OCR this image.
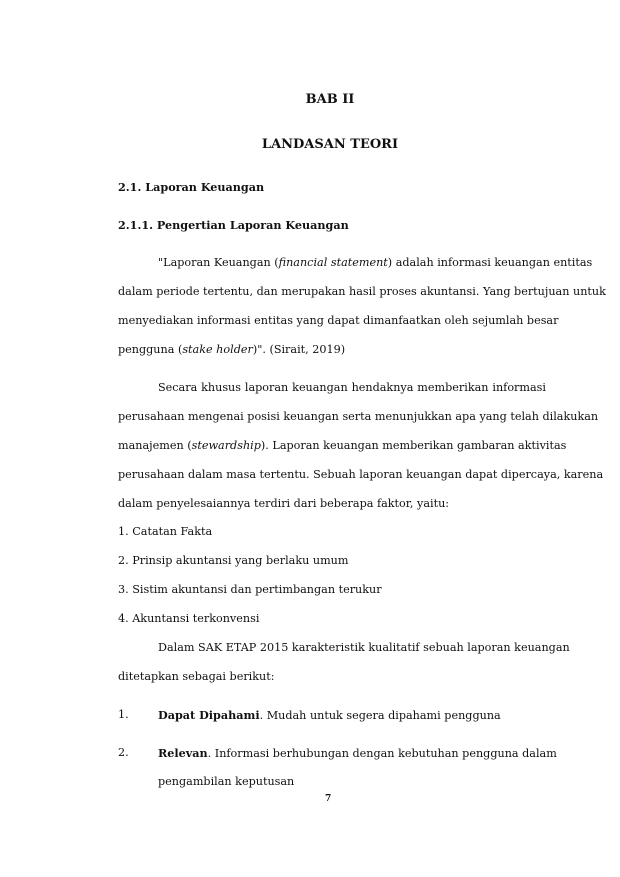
BAB II
LANDASAN TEORI
2.1. Laporan Keuangan
2.1.1. Pengertian Laporan Keuangan
"Laporan Keuangan (financial statement) adalah informasi keuangan entitas
dalam periode tertentu, dan merupakan hasil proses akuntansi. Yang bertujuan untuk
menyediakan informasi entitas yang dapat dimanfaatkan oleh sejumlah besar
pengguna (stake holder)". (Sirait, 2019)
Secara khusus laporan keuangan hendaknya memberikan informasi
perusahaan mengenai posisi keuangan serta menunjukkan apa yang telah dilakukan
manajemen (stewardship). Laporan keuangan memberikan gambaran aktivitas
perusahaan dalam masa tertentu. Sebuah laporan keuangan dapat dipercaya, karena
dalam penyelesaiannya terdiri dari beberapa faktor, yaitu:
1. Catatan Fakta
2. Prinsip akuntansi yang berlaku umum
3. Sistim akuntansi dan pertimbangan terukur
4. Akuntansi terkonvensi
Dalam SAK ETAP 2015 karakteristik kualitatif sebuah laporan keuangan
ditetapkan sebagai berikut:
1.	Dapat Dipahami. Mudah untuk segera dipahami pengguna
2.	Relevan. Informasi berhubungan dengan kebutuhan pengguna dalam
pengambilan keputusan
7
